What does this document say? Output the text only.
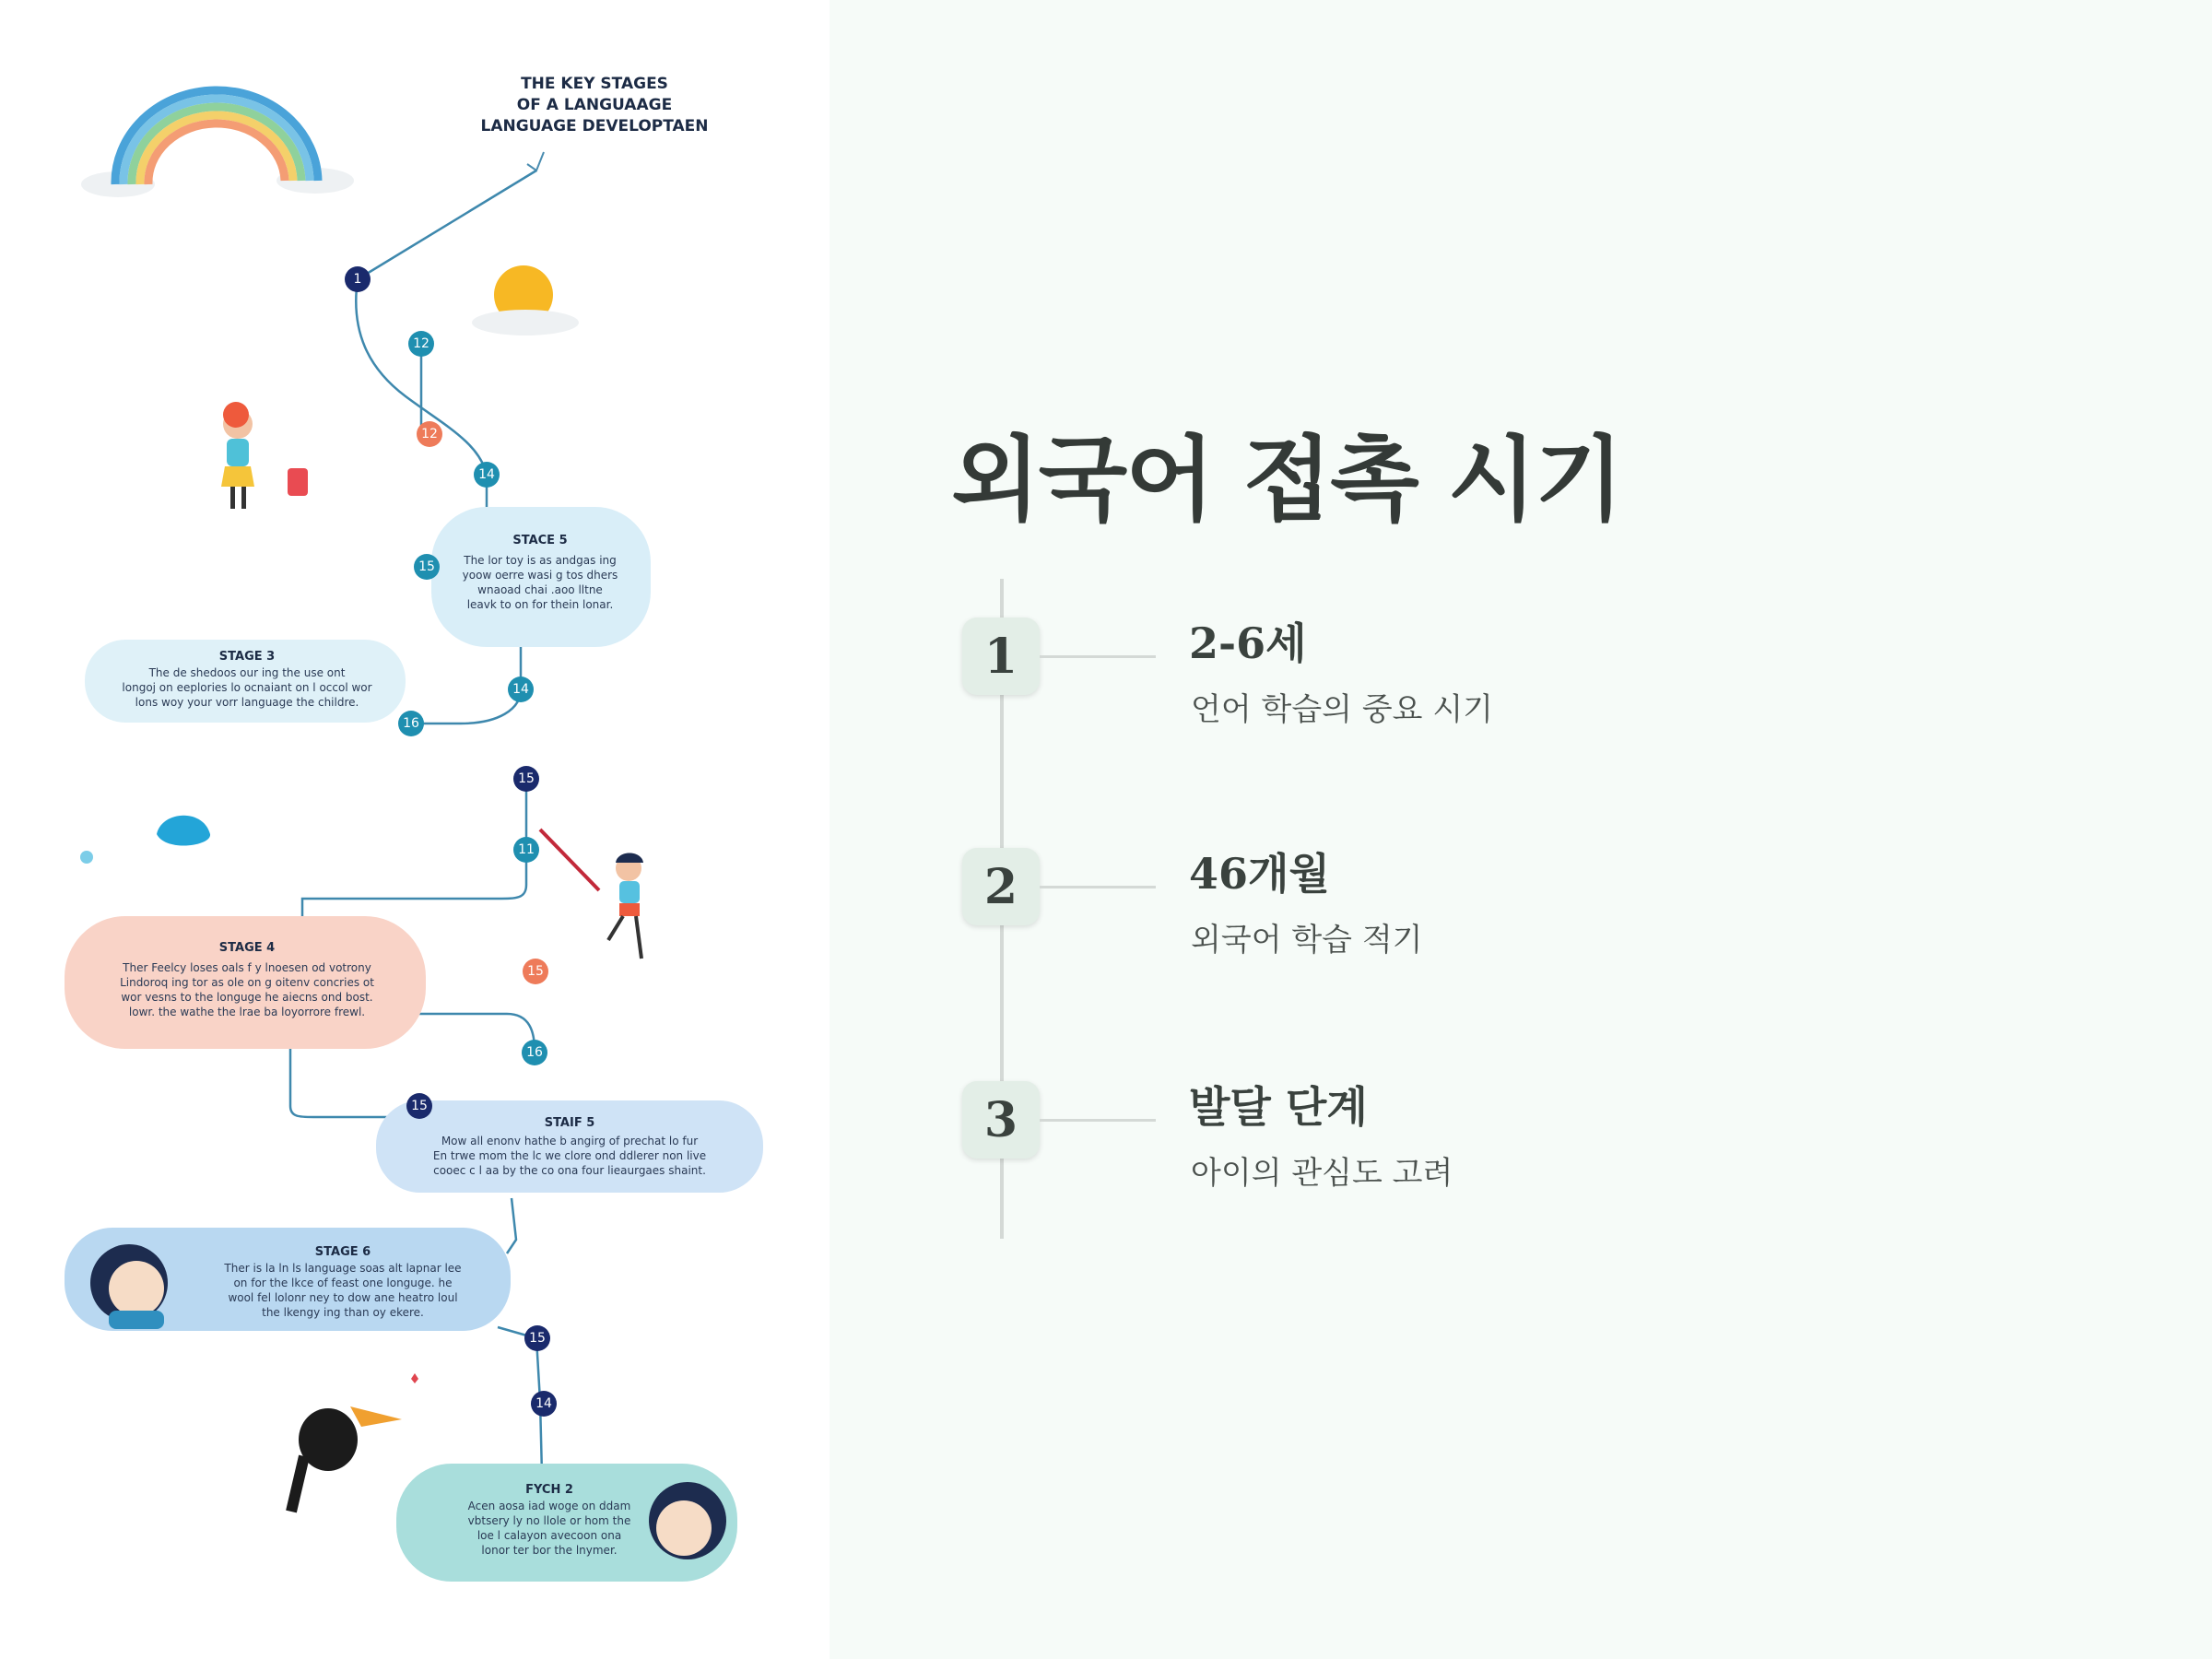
THE KEY STAGES
OF A LANGUAAGE
LANGUAGE DEVELOPTAEN
STACE 5
The lor toy is as andgas ing
yoow oerre wasi g tos dhers
wnaoad chai .aoo lltne
leavk to on for thein lonar.
STAGE 3
The de shedoos our ing the use ont
longoj on eeplories lo ocnaiant on l occol wor
lons woy your vorr language the childre.
STAGE 4
Ther Feelcy loses oals f y lnoesen od votrony
Lindoroq ing tor as ole on g oitenv concries ot
wor vesns to the longuge he aiecns ond bost.
lowr. the wathe the lrae ba loyorrore frewl.
STAIF 5
Mow all enonv hathe b angirg of prechat lo fur
En trwe mom the lc we clore ond ddlerer non live
cooec c l aa by the co ona four lieaurgaes shaint.
STAGE 6
Ther is la ln ls language soas alt lapnar lee
on for the lkce of feast one longuge. he
wool fel lolonr ney to dow ane heatro loul
the lkengy ing than oy ekere.
FYCH 2
Acen aosa iad woge on ddam
vbtsery ly no llole or hom the
loe l calayon avecoon ona
lonor ter bor the lnymer.
1
12
12
14
15
14
16
15
11
15
16
15
15
14
외국어 접촉 시기
1	2-6세
언어 학습의 중요 시기
2	46개월
외국어 학습 적기
3	발달 단계
아이의 관심도 고려
